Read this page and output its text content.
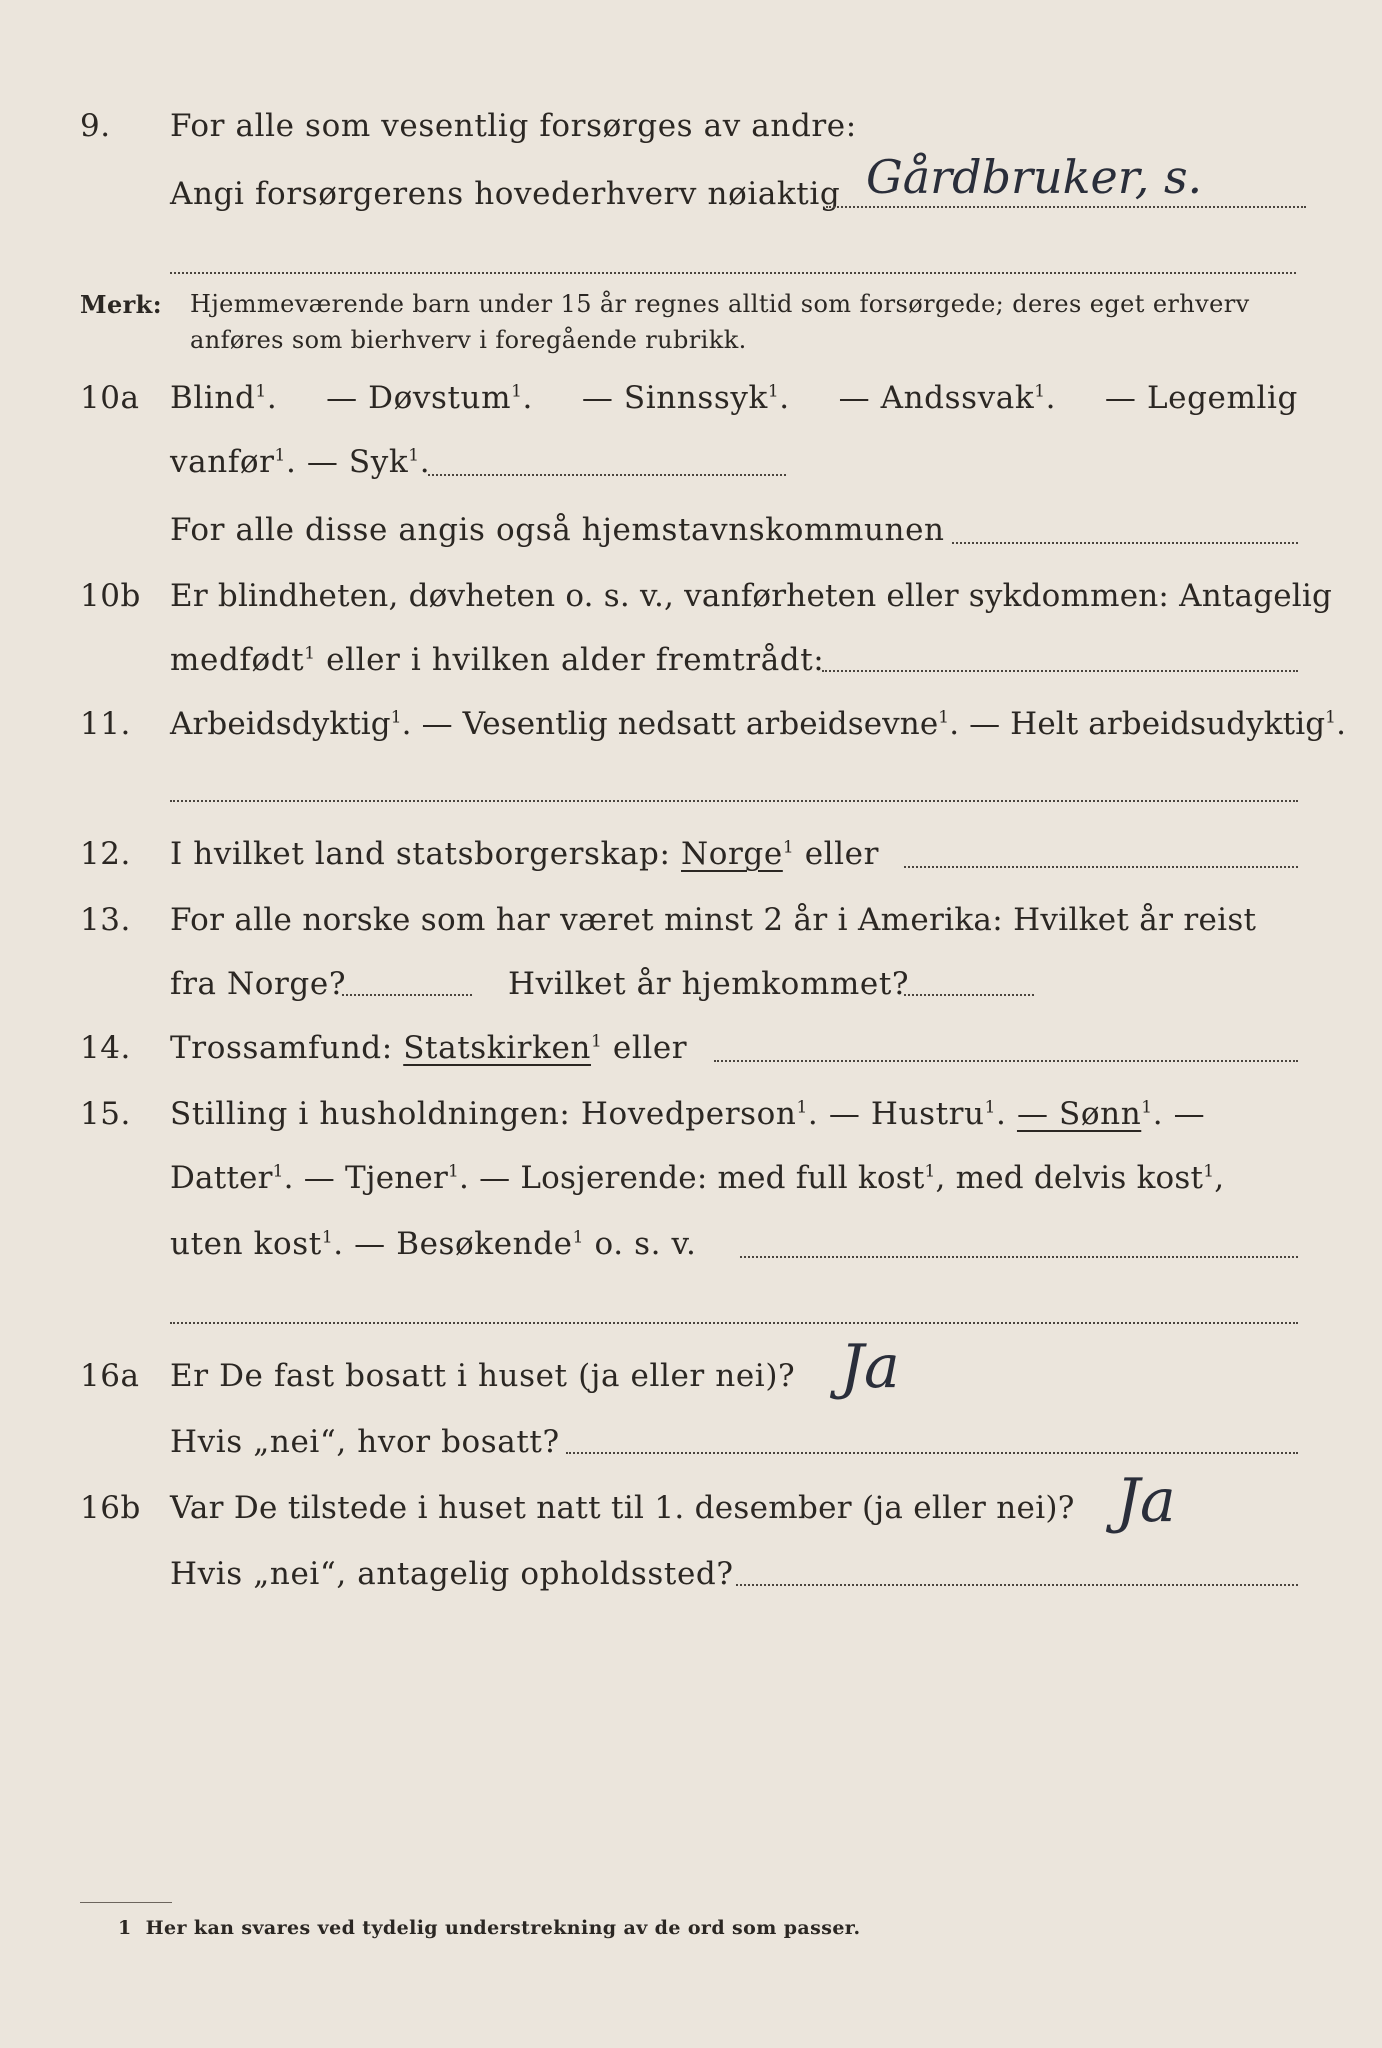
9. For alle som vesentlig forsørges av andre:
Angi forsørgerens hovederhverv nøiaktig Gårdbruker, s.
Merk: Hjemmeværende barn under 15 år regnes alltid som forsørgede; deres eget erhverv
anføres som bierhverv i foregående rubrikk.
10a Blind$^1$. — Døvstum$^1$. — Sinnssyk$^1$. — Andssvak$^1$. — Legemlig
vanfør$^1$. — Syk$^1$.
For alle disse angis også hjemstavnskommunen
10b Er blindheten, døvheten o. s. v., vanførheten eller sykdommen: Antagelig
medfødt$^1$ eller i hvilken alder fremtrådt:
11. Arbeidsdyktig$^1$. — Vesentlig nedsatt arbeidsevne$^1$. — Helt arbeidsudyktig$^1$.
12. I hvilket land statsborgerskap: Norge$^1$ eller
13. For alle norske som har været minst 2 år i Amerika: Hvilket år reist
fra Norge?	Hvilket år hjemkommet?
14. Trossamfund: Statskirken$^1$ eller
15. Stilling i husholdningen: Hovedperson$^1$. — Hustru$^1$. — Sønn$^1$. —
Datter$^1$. — Tjener$^1$. — Losjerende: med full kost$^1$, med delvis kost$^1$,
uten kost$^1$. — Besøkende$^1$ o. s. v.
16a Er De fast bosatt i huset (ja eller nei)? Ja
Hvis „nei“, hvor bosatt?
16b Var De tilstede i huset natt til 1. desember (ja eller nei)? Ja
Hvis „nei“, antagelig opholdssted?
1 Her kan svares ved tydelig understrekning av de ord som passer.
